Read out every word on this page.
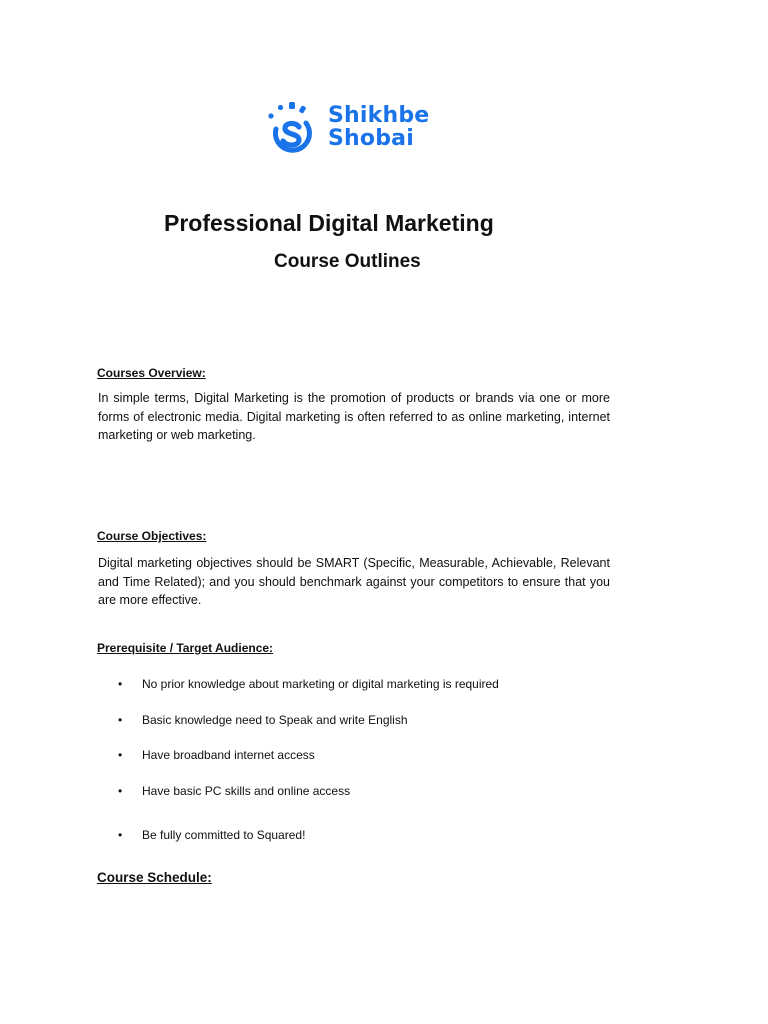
Shikhbe
Shobai
Professional Digital Marketing
Course Outlines
Courses Overview:
In simple terms, Digital Marketing is the promotion of products or brands via one or more forms of electronic media. Digital marketing is often referred to as online marketing, internet marketing or web marketing.
Course Objectives:
Digital marketing objectives should be SMART (Specific, Measurable, Achievable, Relevant and Time Related); and you should benchmark against your competitors to ensure that you are more effective.
Prerequisite / Target Audience:
• No prior knowledge about marketing or digital marketing is required
• Basic knowledge need to Speak and write English
• Have broadband internet access
• Have basic PC skills and online access
• Be fully committed to Squared!
Course Schedule:
